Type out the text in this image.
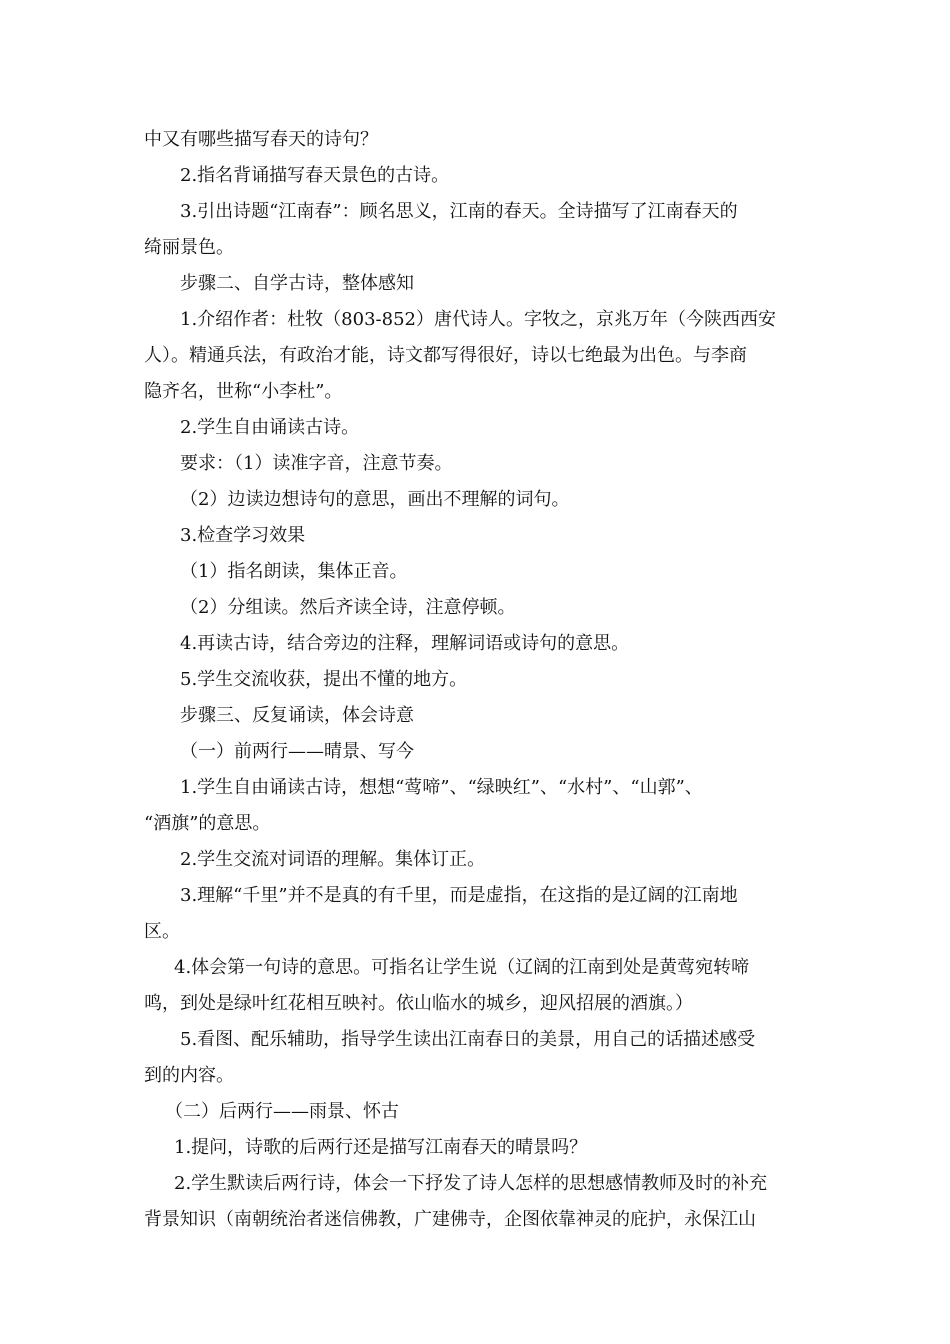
中又有哪些描写春天的诗句？
2.指名背诵描写春天景色的古诗。
3.引出诗题“江南春”：顾名思义，江南的春天。全诗描写了江南春天的
绮丽景色。
步骤二、自学古诗，整体感知
1.介绍作者：杜牧（803-852）唐代诗人。字牧之，京兆万年（今陕西西安
人）。精通兵法，有政治才能，诗文都写得很好，诗以七绝最为出色。与李商
隐齐名，世称“小李杜”。
2.学生自由诵读古诗。
要求：（1）读准字音，注意节奏。
（2）边读边想诗句的意思，画出不理解的词句。
3.检查学习效果
（1）指名朗读，集体正音。
（2）分组读。然后齐读全诗，注意停顿。
4.再读古诗，结合旁边的注释，理解词语或诗句的意思。
5.学生交流收获，提出不懂的地方。
步骤三、反复诵读，体会诗意
（一）前两行——晴景、写今
1.学生自由诵读古诗，想想“莺啼”、“绿映红”、“水村”、“山郭”、
“酒旗”的意思。
2.学生交流对词语的理解。集体订正。
3.理解“千里”并不是真的有千里，而是虚指，在这指的是辽阔的江南地
区。
4.体会第一句诗的意思。可指名让学生说（辽阔的江南到处是黄莺宛转啼
鸣，到处是绿叶红花相互映衬。依山临水的城乡，迎风招展的酒旗。）
5.看图、配乐辅助，指导学生读出江南春日的美景，用自己的话描述感受
到的内容。
（二）后两行——雨景、怀古
1.提问，诗歌的后两行还是描写江南春天的晴景吗？
2.学生默读后两行诗，体会一下抒发了诗人怎样的思想感情教师及时的补充
背景知识（南朝统治者迷信佛教，广建佛寺，企图依靠神灵的庇护，永保江山
